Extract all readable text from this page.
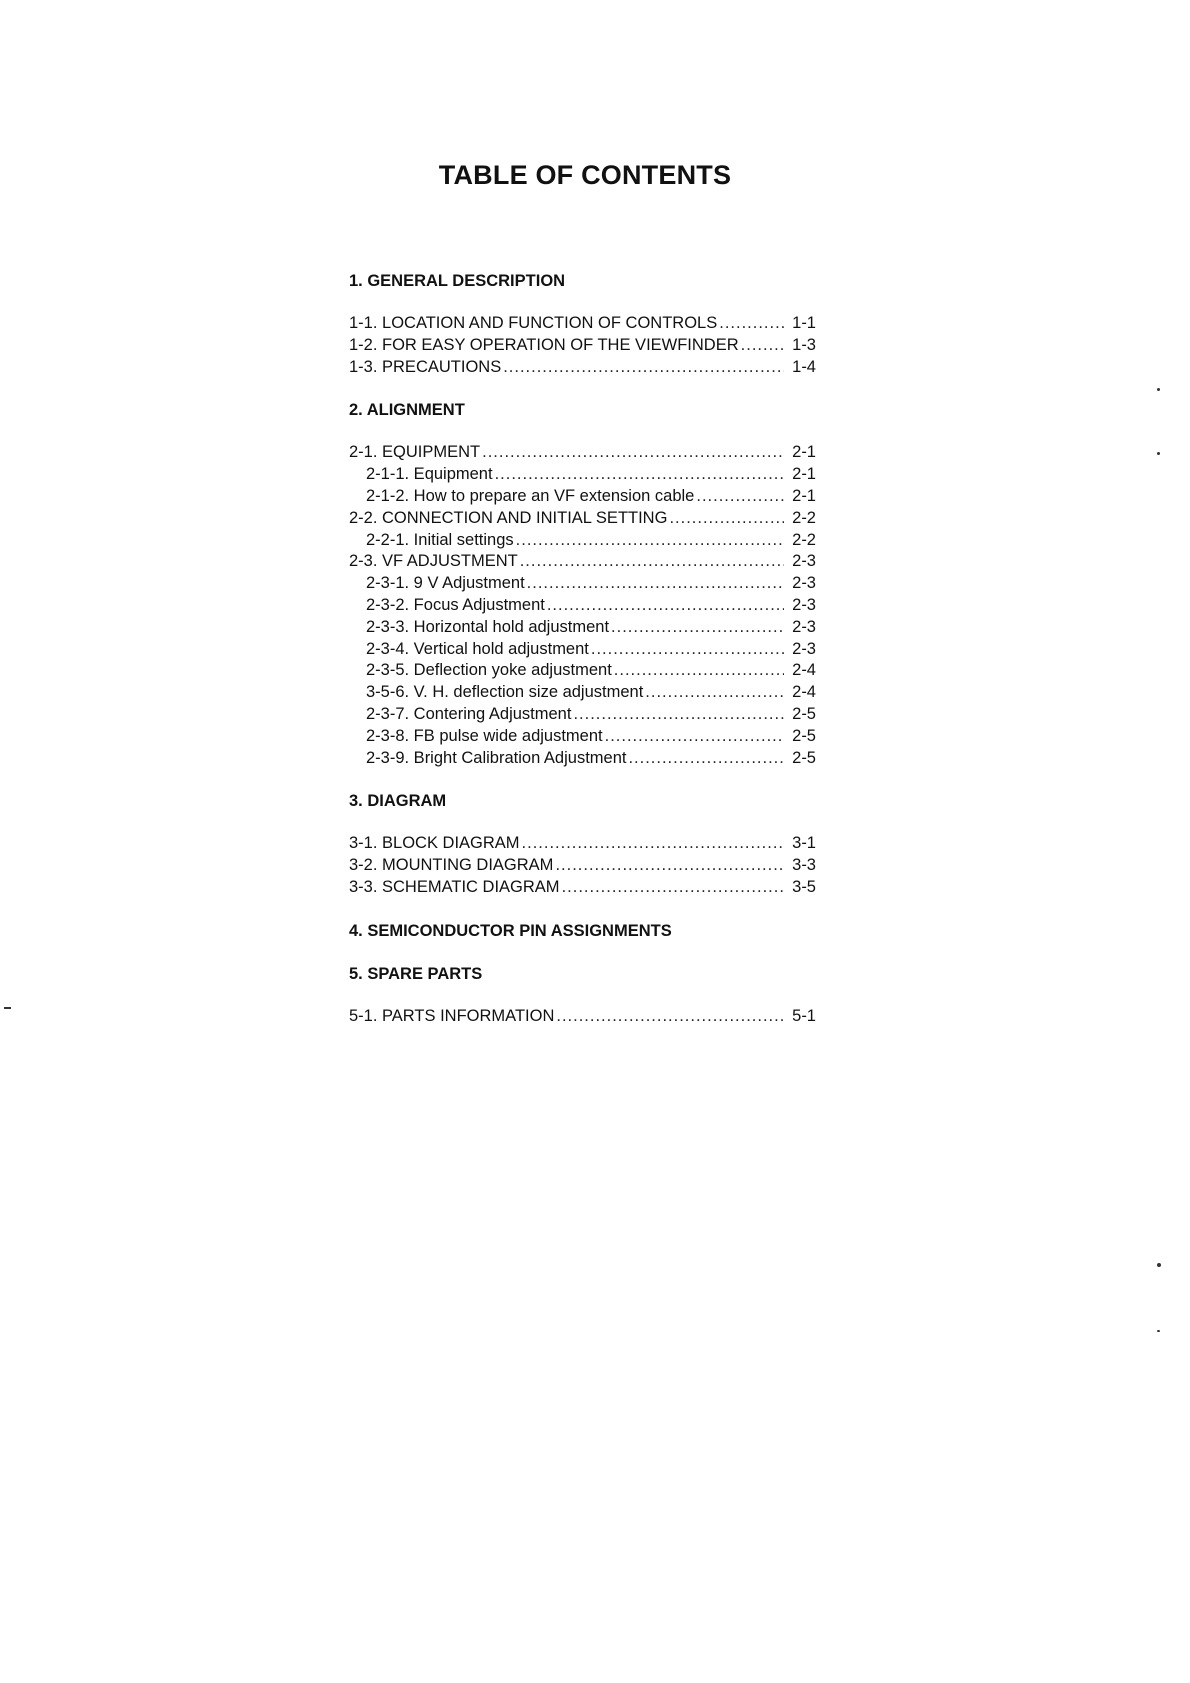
TABLE OF CONTENTS
1. GENERAL DESCRIPTION
1-1. LOCATION AND FUNCTION OF CONTROLS .....	1-1
1-2. FOR EASY OPERATION OF THE VIEWFINDER .....	1-3
1-3. PRECAUTIONS .....	1-4
2. ALIGNMENT
2-1. EQUIPMENT .....	2-1
2-1-1. Equipment .....	2-1
2-1-2. How to prepare an VF extension cable .....	2-1
2-2. CONNECTION AND INITIAL SETTING .....	2-2
2-2-1. Initial settings .....	2-2
2-3. VF ADJUSTMENT .....	2-3
2-3-1. 9 V Adjustment .....	2-3
2-3-2. Focus Adjustment .....	2-3
2-3-3. Horizontal hold adjustment .....	2-3
2-3-4. Vertical hold adjustment .....	2-3
2-3-5. Deflection yoke adjustment .....	2-4
3-5-6. V. H. deflection size adjustment .....	2-4
2-3-7. Contering Adjustment .....	2-5
2-3-8. FB pulse wide adjustment .....	2-5
2-3-9. Bright Calibration Adjustment .....	2-5
3. DIAGRAM
3-1. BLOCK DIAGRAM .....	3-1
3-2. MOUNTING DIAGRAM .....	3-3
3-3. SCHEMATIC DIAGRAM .....	3-5
4. SEMICONDUCTOR PIN ASSIGNMENTS
5. SPARE PARTS
5-1. PARTS INFORMATION .....	5-1
